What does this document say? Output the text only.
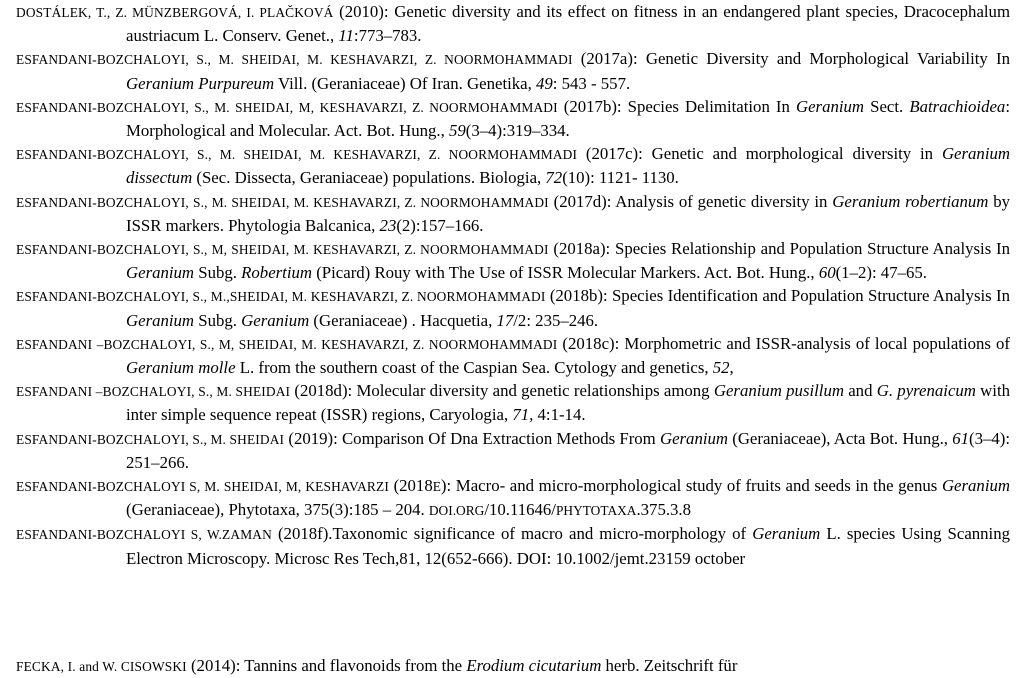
DOSTÁLEK, T., Z. MÜNZBERGOVÁ, I. PLAČKOVÁ (2010): Genetic diversity and its effect on fitness in an endangered plant species, Dracocephalum austriacum L. Conserv. Genet., 11:773–783.

ESFANDANI-BOZCHALOYI, S., M. SHEIDAI, M. KESHAVARZI, Z. NOORMOHAMMADI (2017a): Genetic Diversity and Morphological Variability In Geranium Purpureum Vill. (Geraniaceae) Of Iran. Genetika, 49: 543 - 557.

ESFANDANI-BOZCHALOYI, S., M. SHEIDAI, M, KESHAVARZI, Z. NOORMOHAMMADI (2017b): Species Delimitation In Geranium Sect. Batrachioidea: Morphological and Molecular. Act. Bot. Hung., 59(3–4):319–334.

ESFANDANI-BOZCHALOYI, S., M. SHEIDAI, M. KESHAVARZI, Z. NOORMOHAMMADI (2017c): Genetic and morphological diversity in Geranium dissectum (Sec. Dissecta, Geraniaceae) populations. Biologia, 72(10): 1121- 1130.

ESFANDANI-BOZCHALOYI, S., M. SHEIDAI, M. KESHAVARZI, Z. NOORMOHAMMADI (2017d): Analysis of genetic diversity in Geranium robertianum by ISSR markers. Phytologia Balcanica, 23(2):157–166.

ESFANDANI-BOZCHALOYI, S., M, SHEIDAI, M. KESHAVARZI, Z. NOORMOHAMMADI (2018a): Species Relationship and Population Structure Analysis In Geranium Subg. Robertium (Picard) Rouy with The Use of ISSR Molecular Markers. Act. Bot. Hung., 60(1–2): 47–65.

ESFANDANI-BOZCHALOYI, S., M.,SHEIDAI, M. KESHAVARZI, Z. NOORMOHAMMADI (2018b): Species Identification and Population Structure Analysis In Geranium Subg. Geranium (Geraniaceae) . Hacquetia, 17/2: 235–246.

ESFANDANI –BOZCHALOYI, S., M, SHEIDAI, M. KESHAVARZI, Z. NOORMOHAMMADI (2018c): Morphometric and ISSR-analysis of local populations of Geranium molle L. from the southern coast of the Caspian Sea. Cytology and genetics, 52,

ESFANDANI –BOZCHALOYI, S., M. SHEIDAI (2018d): Molecular diversity and genetic relationships among Geranium pusillum and G. pyrenaicum with inter simple sequence repeat (ISSR) regions, Caryologia, 71, 4:1-14.

ESFANDANI-BOZCHALOYI, S., M. SHEIDAI (2019): Comparison Of Dna Extraction Methods From Geranium (Geraniaceae), Acta Bot. Hung., 61(3–4): 251–266.

ESFANDANI-BOZCHALOYI S, M. SHEIDAI, M, KESHAVARZI (2018E): Macro- and micro-morphological study of fruits and seeds in the genus Geranium (Geraniaceae), Phytotaxa, 375(3):185 – 204. DOI.ORG/10.11646/PHYTOTAXA.375.3.8

ESFANDANI-BOZCHALOYI S, W.ZAMAN (2018f).Taxonomic significance of macro and micro-morphology of Geranium L. species Using Scanning Electron Microscopy. Microsc Res Tech,81, 12(652-666). DOI: 10.1002/jemt.23159 october

FECKA, I. and W. CISOWSKI (2014): Tannins and flavonoids from the Erodium cicutarium herb. Zeitschrift für
